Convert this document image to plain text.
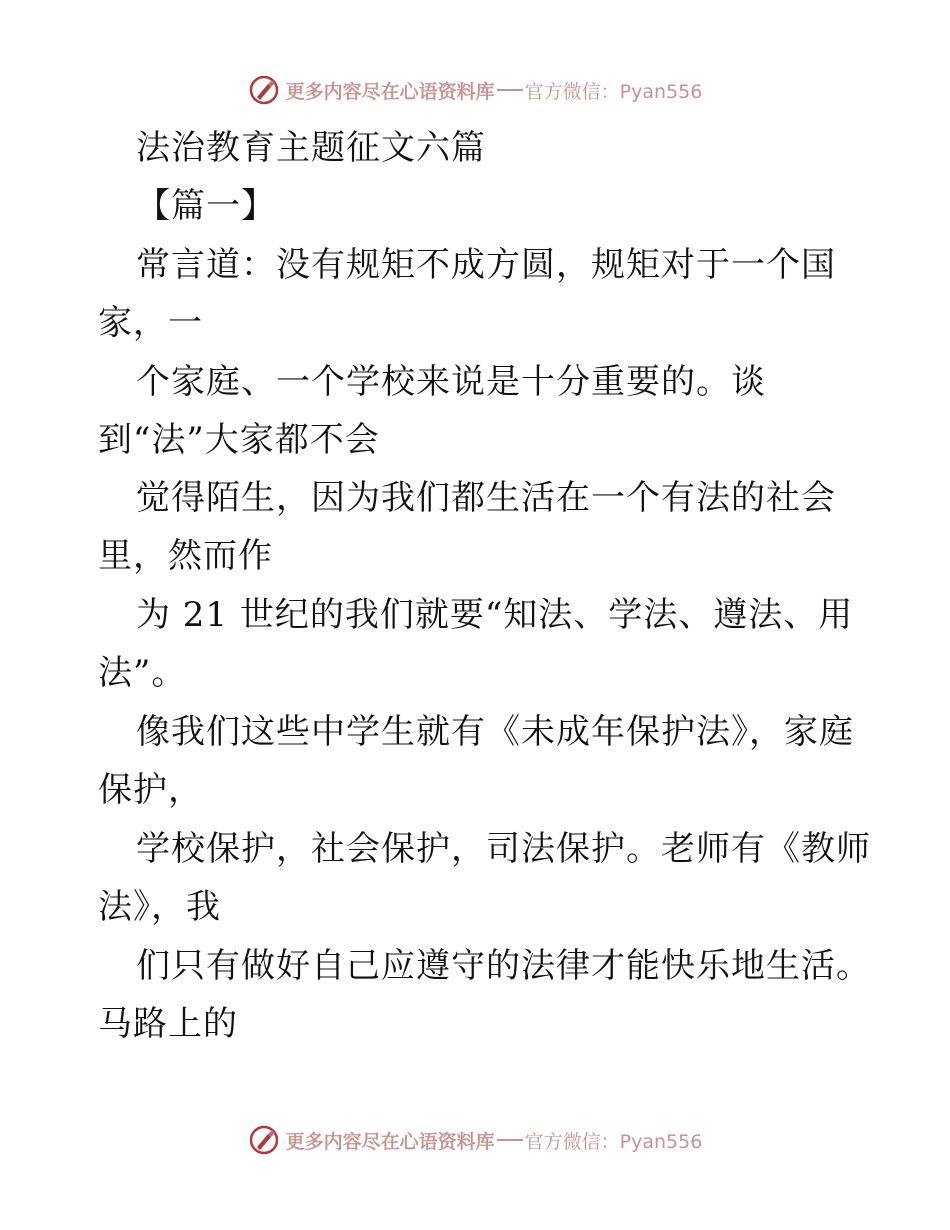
更多内容尽在心语资料库 官方微信：Pyan556
法治教育主题征文六篇
【篇一】
常言道：没有规矩不成方圆，规矩对于一个国
家，一
个家庭、一个学校来说是十分重要的。谈
到“法”大家都不会
觉得陌生，因为我们都生活在一个有法的社会
里，然而作
为 21 世纪的我们就要“知法、学法、遵法、用
法”。
像我们这些中学生就有《未成年保护法》，家庭
保护，
学校保护，社会保护，司法保护。老师有《教师
法》，我
们只有做好自己应遵守的法律才能快乐地生活。
马路上的
更多内容尽在心语资料库 官方微信：Pyan556
